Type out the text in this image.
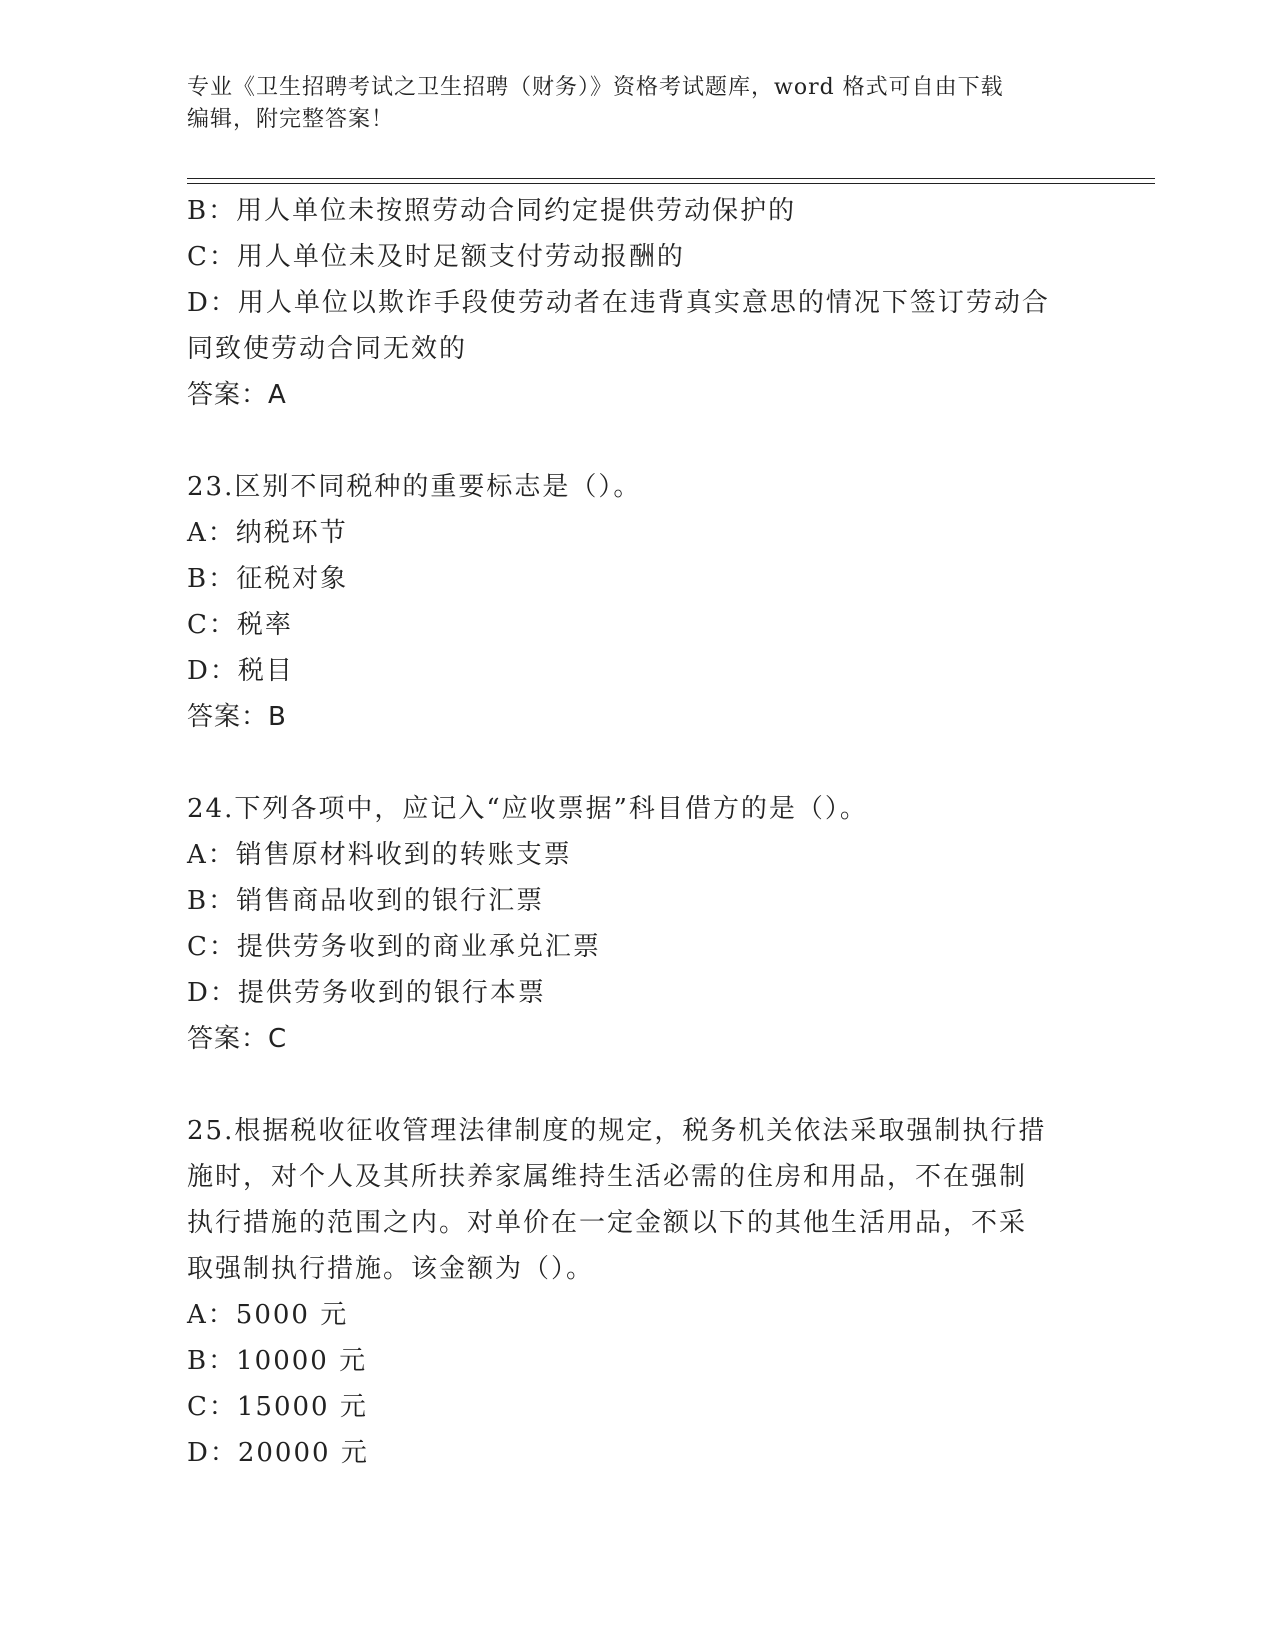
专业《卫生招聘考试之卫生招聘（财务）》资格考试题库，word 格式可自由下载
编辑，附完整答案！
B：用人单位未按照劳动合同约定提供劳动保护的
C：用人单位未及时足额支付劳动报酬的
D：用人单位以欺诈手段使劳动者在违背真实意思的情况下签订劳动合
同致使劳动合同无效的
答案：A
23.区别不同税种的重要标志是（）。
A：纳税环节
B：征税对象
C：税率
D：税目
答案：B
24.下列各项中，应记入“应收票据”科目借方的是（）。
A：销售原材料收到的转账支票
B：销售商品收到的银行汇票
C：提供劳务收到的商业承兑汇票
D：提供劳务收到的银行本票
答案：C
25.根据税收征收管理法律制度的规定，税务机关依法采取强制执行措
施时，对个人及其所扶养家属维持生活必需的住房和用品，不在强制
执行措施的范围之内。对单价在一定金额以下的其他生活用品，不采
取强制执行措施。该金额为（）。
A：5000 元
B：10000 元
C：15000 元
D：20000 元
